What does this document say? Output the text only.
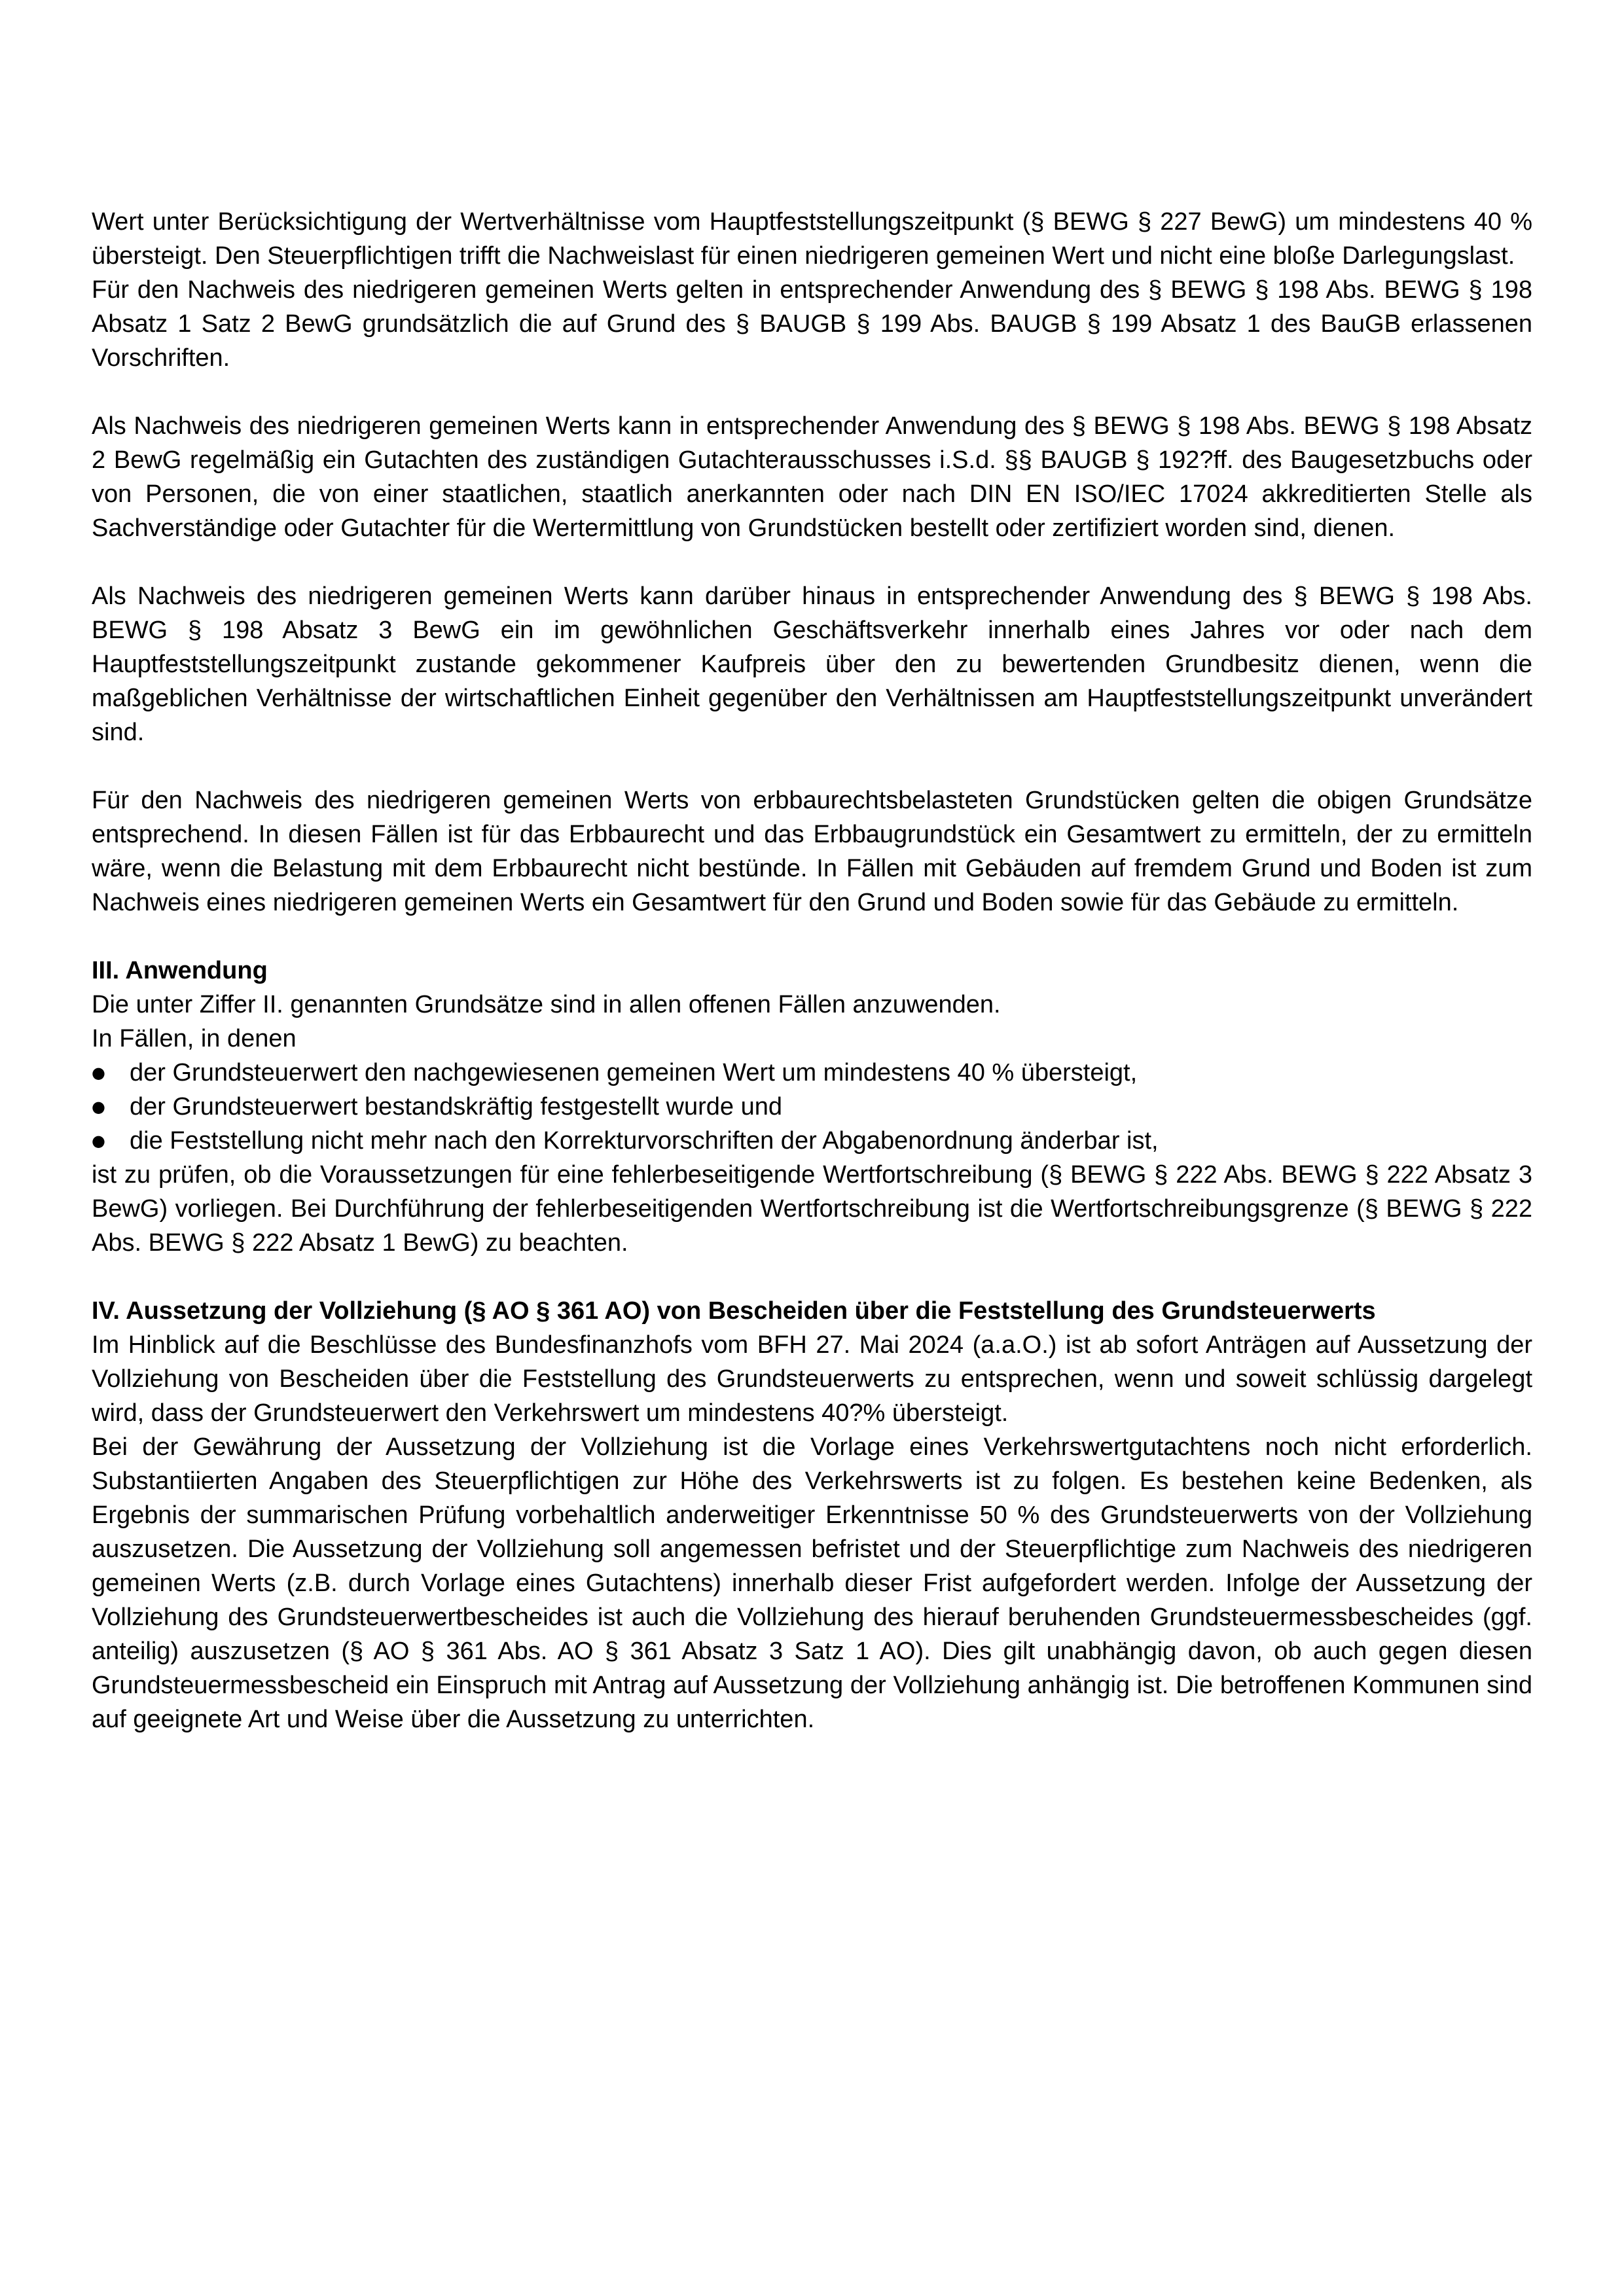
Wert unter Berücksichtigung der Wertverhältnisse vom Hauptfeststellungszeitpunkt (§ BEWG § 227 BewG) um mindestens 40 % übersteigt. Den Steuerpflichtigen trifft die Nachweislast für einen niedrigeren gemeinen Wert und nicht eine bloße Darlegungslast.

Für den Nachweis des niedrigeren gemeinen Werts gelten in entsprechender Anwendung des § BEWG § 198 Abs. BEWG § 198 Absatz 1 Satz 2 BewG grundsätzlich die auf Grund des § BAUGB § 199 Abs. BAUGB § 199 Absatz 1 des BauGB erlassenen Vorschriften.

Als Nachweis des niedrigeren gemeinen Werts kann in entsprechender Anwendung des § BEWG § 198 Abs. BEWG § 198 Absatz 2 BewG regelmäßig ein Gutachten des zuständigen Gutachterausschusses i.S.d. §§ BAUGB § 192?ff. des Baugesetzbuchs oder von Personen, die von einer staatlichen, staatlich anerkannten oder nach DIN EN ISO/IEC 17024 akkreditierten Stelle als Sachverständige oder Gutachter für die Wertermittlung von Grundstücken bestellt oder zertifiziert worden sind, dienen.

Als Nachweis des niedrigeren gemeinen Werts kann darüber hinaus in entsprechender Anwendung des § BEWG § 198 Abs. BEWG § 198 Absatz 3 BewG ein im gewöhnlichen Geschäftsverkehr innerhalb eines Jahres vor oder nach dem Hauptfeststellungszeitpunkt zustande gekommener Kaufpreis über den zu bewertenden Grundbesitz dienen, wenn die maßgeblichen Verhältnisse der wirtschaftlichen Einheit gegenüber den Verhältnissen am Hauptfeststellungszeitpunkt unverändert sind.

Für den Nachweis des niedrigeren gemeinen Werts von erbbaurechtsbelasteten Grundstücken gelten die obigen Grundsätze entsprechend. In diesen Fällen ist für das Erbbaurecht und das Erbbaugrundstück ein Gesamtwert zu ermitteln, der zu ermitteln wäre, wenn die Belastung mit dem Erbbaurecht nicht bestünde. In Fällen mit Gebäuden auf fremdem Grund und Boden ist zum Nachweis eines niedrigeren gemeinen Werts ein Gesamtwert für den Grund und Boden sowie für das Gebäude zu ermitteln.

III. Anwendung

Die unter Ziffer II. genannten Grundsätze sind in allen offenen Fällen anzuwenden.

In Fällen, in denen

● der Grundsteuerwert den nachgewiesenen gemeinen Wert um mindestens 40 % übersteigt,
● der Grundsteuerwert bestandskräftig festgestellt wurde und
● die Feststellung nicht mehr nach den Korrekturvorschriften der Abgabenordnung änderbar ist,

ist zu prüfen, ob die Voraussetzungen für eine fehlerbeseitigende Wertfortschreibung (§ BEWG § 222 Abs. BEWG § 222 Absatz 3 BewG) vorliegen. Bei Durchführung der fehlerbeseitigenden Wertfortschreibung ist die Wertfortschreibungsgrenze (§ BEWG § 222 Abs. BEWG § 222 Absatz 1 BewG) zu beachten.

IV. Aussetzung der Vollziehung (§ AO § 361 AO) von Bescheiden über die Feststellung des Grundsteuerwerts

Im Hinblick auf die Beschlüsse des Bundesfinanzhofs vom BFH 27. Mai 2024 (a.a.O.) ist ab sofort Anträgen auf Aussetzung der Vollziehung von Bescheiden über die Feststellung des Grundsteuerwerts zu entsprechen, wenn und soweit schlüssig dargelegt wird, dass der Grundsteuerwert den Verkehrswert um mindestens 40?% übersteigt.

Bei der Gewährung der Aussetzung der Vollziehung ist die Vorlage eines Verkehrswertgutachtens noch nicht erforderlich. Substantiierten Angaben des Steuerpflichtigen zur Höhe des Verkehrswerts ist zu folgen. Es bestehen keine Bedenken, als Ergebnis der summarischen Prüfung vorbehaltlich anderweitiger Erkenntnisse 50 % des Grundsteuerwerts von der Vollziehung auszusetzen. Die Aussetzung der Vollziehung soll angemessen befristet und der Steuerpflichtige zum Nachweis des niedrigeren gemeinen Werts (z.B. durch Vorlage eines Gutachtens) innerhalb dieser Frist aufgefordert werden. Infolge der Aussetzung der Vollziehung des Grundsteuerwertbescheides ist auch die Vollziehung des hierauf beruhenden Grundsteuermessbescheides (ggf. anteilig) auszusetzen (§ AO § 361 Abs. AO § 361 Absatz 3 Satz 1 AO). Dies gilt unabhängig davon, ob auch gegen diesen Grundsteuermessbescheid ein Einspruch mit Antrag auf Aussetzung der Vollziehung anhängig ist. Die betroffenen Kommunen sind auf geeignete Art und Weise über die Aussetzung zu unterrichten.
